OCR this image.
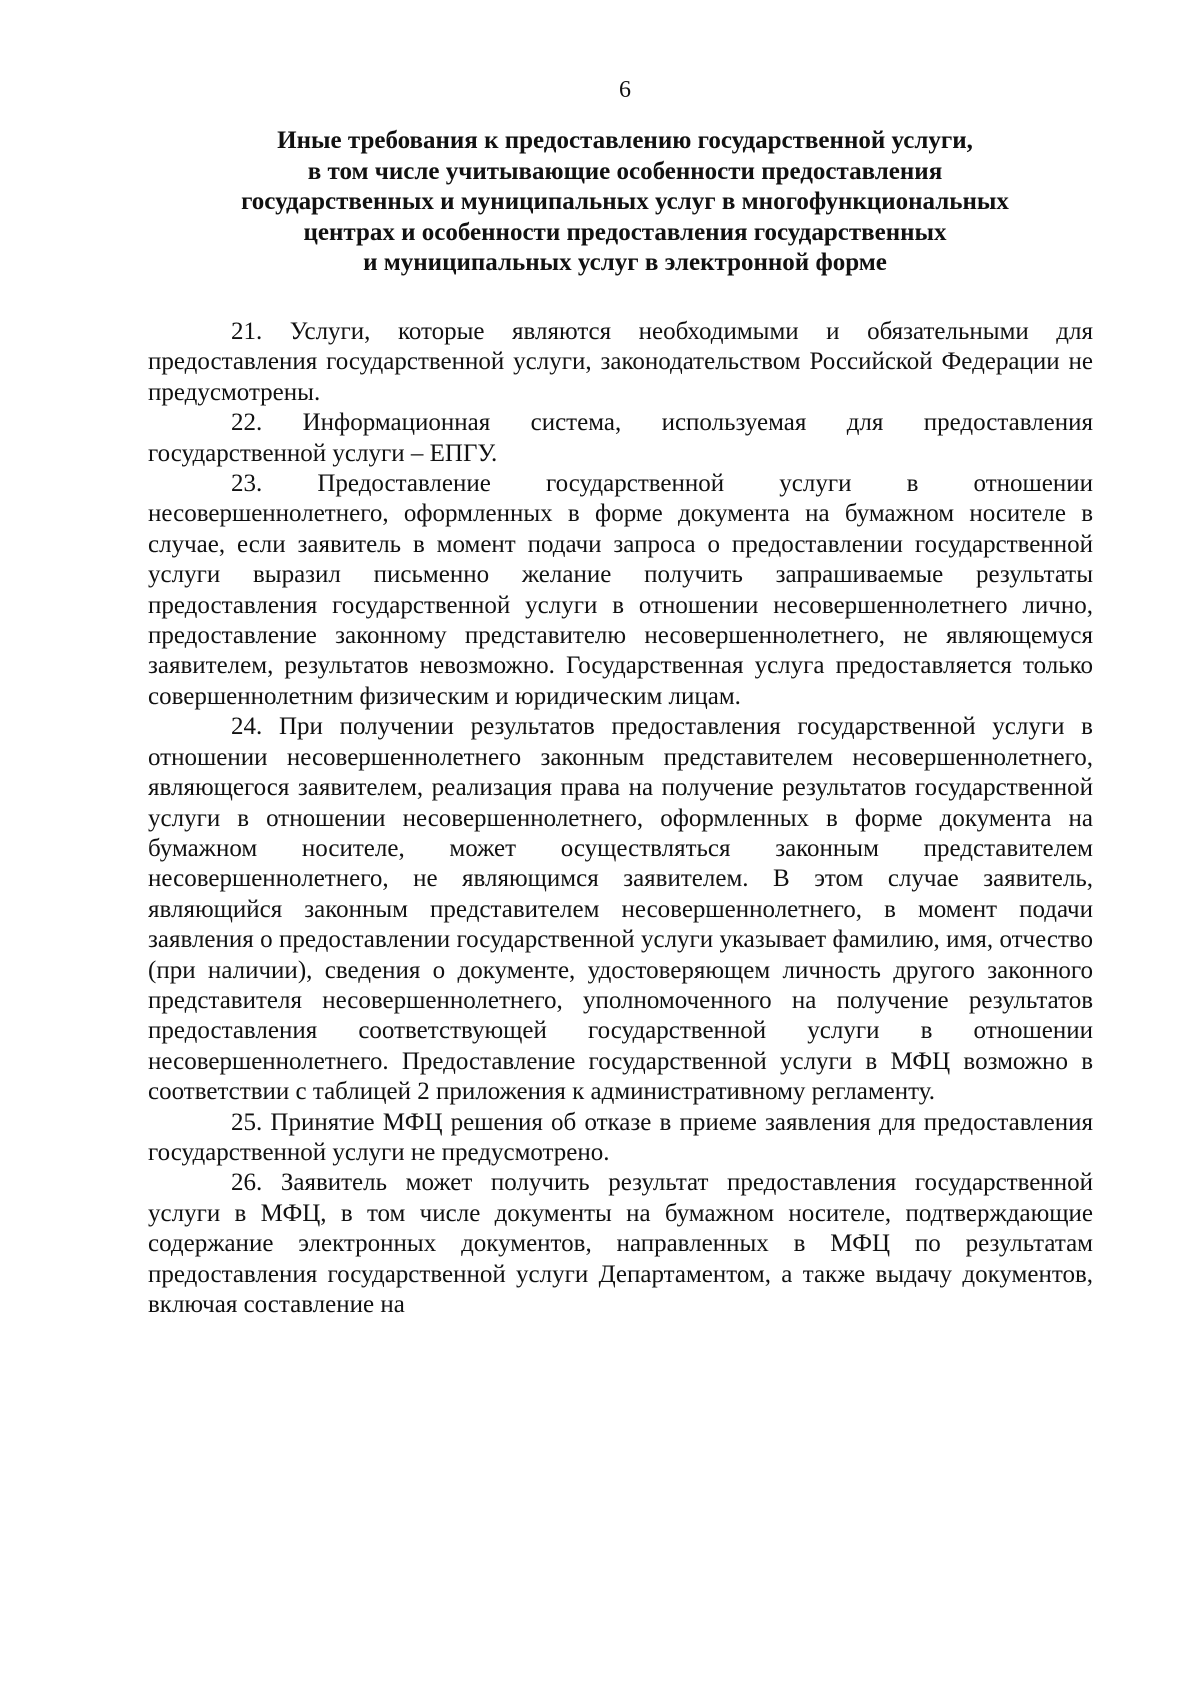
6
Иные требования к предоставлению государственной услуги,
в том числе учитывающие особенности предоставления
государственных и муниципальных услуг в многофункциональных
центрах и особенности предоставления государственных
и муниципальных услуг в электронной форме

21. Услуги, которые являются необходимыми и обязательными для предоставления государственной услуги, законодательством Российской Федерации не предусмотрены.

22. Информационная система, используемая для предоставления государственной услуги – ЕПГУ.

23. Предоставление государственной услуги в отношении несовершеннолетнего, оформленных в форме документа на бумажном носителе в случае, если заявитель в момент подачи запроса о предоставлении государственной услуги выразил письменно желание получить запрашиваемые результаты предоставления государственной услуги в отношении несовершеннолетнего лично, предоставление законному представителю несовершеннолетнего, не являющемуся заявителем, результатов невозможно. Государственная услуга предоставляется только совершеннолетним физическим и юридическим лицам.

24. При получении результатов предоставления государственной услуги в отношении несовершеннолетнего законным представителем несовершеннолетнего, являющегося заявителем, реализация права на получение результатов государственной услуги в отношении несовершеннолетнего, оформленных в форме документа на бумажном носителе, может осуществляться законным представителем несовершеннолетнего, не являющимся заявителем. В этом случае заявитель, являющийся законным представителем несовершеннолетнего, в момент подачи заявления о предоставлении государственной услуги указывает фамилию, имя, отчество (при наличии), сведения о документе, удостоверяющем личность другого законного представителя несовершеннолетнего, уполномоченного на получение результатов предоставления соответствующей государственной услуги в отношении несовершеннолетнего. Предоставление государственной услуги в МФЦ возможно в соответствии с таблицей 2 приложения к административному регламенту.

25. Принятие МФЦ решения об отказе в приеме заявления для предоставления государственной услуги не предусмотрено.

26. Заявитель может получить результат предоставления государственной услуги в МФЦ, в том числе документы на бумажном носителе, подтверждающие содержание электронных документов, направленных в МФЦ по результатам предоставления государственной услуги Департаментом, а также выдачу документов, включая составление на
